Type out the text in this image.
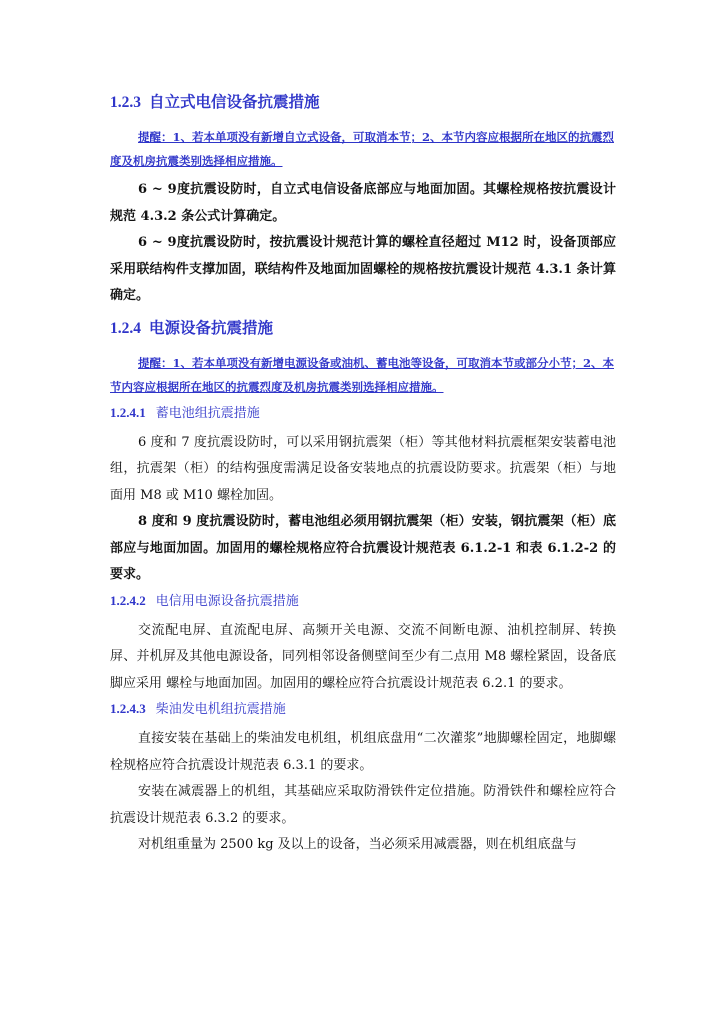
1.2.3 自立式电信设备抗震措施

提醒：1、若本单项没有新增自立式设备，可取消本节；2、本节内容应根据所在地区的抗震烈度及机房抗震类别选择相应措施。

6 ~ 9度抗震设防时，自立式电信设备底部应与地面加固。其螺栓规格按抗震设计规范 4.3.2 条公式计算确定。

6 ~ 9度抗震设防时，按抗震设计规范计算的螺栓直径超过 M12 时，设备顶部应采用联结构件支撑加固，联结构件及地面加固螺栓的规格按抗震设计规范 4.3.1 条计算确定。

1.2.4 电源设备抗震措施

提醒：1、若本单项没有新增电源设备或油机、蓄电池等设备，可取消本节或部分小节；2、本节内容应根据所在地区的抗震烈度及机房抗震类别选择相应措施。

1.2.4.1 蓄电池组抗震措施

6 度和 7 度抗震设防时，可以采用钢抗震架（柜）等其他材料抗震框架安装蓄电池组，抗震架（柜）的结构强度需满足设备安装地点的抗震设防要求。抗震架（柜）与地面用 M8 或 M10 螺栓加固。

8 度和 9 度抗震设防时，蓄电池组必须用钢抗震架（柜）安装，钢抗震架（柜）底部应与地面加固。加固用的螺栓规格应符合抗震设计规范表 6.1.2-1 和表 6.1.2-2 的要求。

1.2.4.2 电信用电源设备抗震措施

交流配电屏、直流配电屏、高频开关电源、交流不间断电源、油机控制屏、转换屏、并机屏及其他电源设备，同列相邻设备侧壁间至少有二点用 M8 螺栓紧固，设备底脚应采用 螺栓与地面加固。加固用的螺栓应符合抗震设计规范表 6.2.1 的要求。

1.2.4.3 柴油发电机组抗震措施

直接安装在基础上的柴油发电机组，机组底盘用“二次灌浆”地脚螺栓固定，地脚螺栓规格应符合抗震设计规范表 6.3.1 的要求。

安装在减震器上的机组，其基础应采取防滑铁件定位措施。防滑铁件和螺栓应符合抗震设计规范表 6.3.2 的要求。

对机组重量为 2500 kg 及以上的设备，当必须采用减震器，则在机组底盘与
